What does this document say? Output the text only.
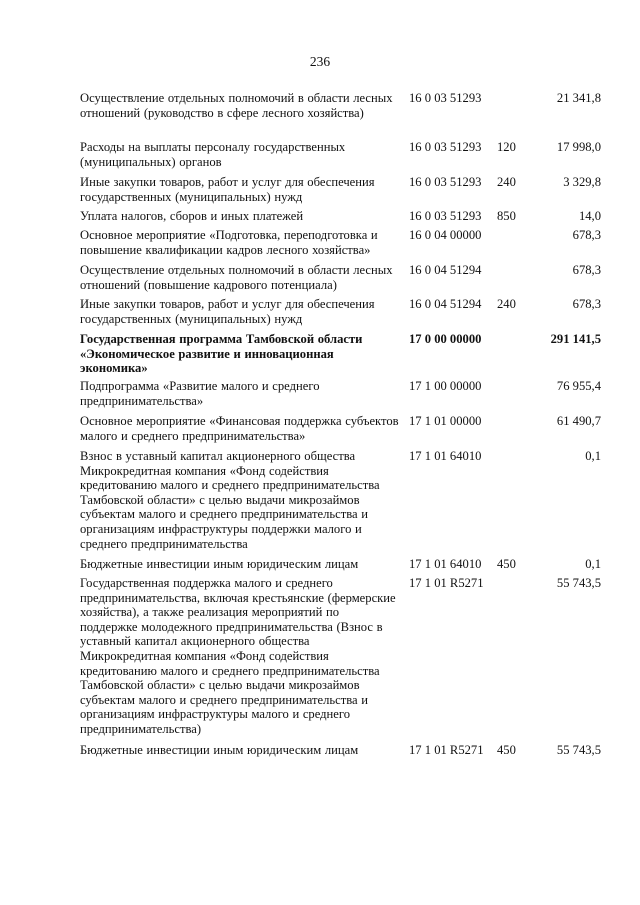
236
Осуществление отдельных полномочий в области лесных отношений (руководство в сфере лесного хозяйства)
16 0 03 51293	21 341,8
Расходы на выплаты персоналу государственных (муниципальных) органов
16 0 03 51293	120	17 998,0
Иные закупки товаров, работ и услуг для обеспечения государственных (муниципальных) нужд
16 0 03 51293	240	3 329,8
Уплата налогов, сборов и иных платежей	16 0 03 51293	850	14,0
Основное мероприятие «Подготовка, переподготовка и повышение квалификации кадров лесного хозяйства»
16 0 04 00000	678,3
Осуществление отдельных полномочий в области лесных отношений (повышение кадрового потенциала)
16 0 04 51294	678,3
Иные закупки товаров, работ и услуг для обеспечения государственных (муниципальных) нужд
16 0 04 51294	240	678,3
Государственная программа Тамбовской области «Экономическое развитие и инновационная экономика»
17 0 00 00000	291 141,5
Подпрограмма «Развитие малого и среднего предпринимательства»
17 1 00 00000	76 955,4
Основное мероприятие «Финансовая поддержка субъектов малого и среднего предпринимательства»
17 1 01 00000	61 490,7
Взнос в уставный капитал акционерного общества Микрокредитная компания «Фонд содействия кредитованию малого и среднего предпринимательства Тамбовской области» с целью выдачи микрозаймов субъектам малого и среднего предпринимательства и организациям инфраструктуры поддержки малого и среднего предпринимательства
17 1 01 64010	0,1
Бюджетные инвестиции иным юридическим лицам	17 1 01 64010	450	0,1
Государственная поддержка малого и среднего предпринимательства, включая крестьянские (фермерские хозяйства), а также реализация мероприятий по поддержке молодежного предпринимательства (Взнос в уставный капитал акционерного общества Микрокредитная компания «Фонд содействия кредитованию малого и среднего предпринимательства Тамбовской области» с целью выдачи микрозаймов субъектам малого и среднего предпринимательства и организациям инфраструктуры малого и среднего предпринимательства)
17 1 01 R5271	55 743,5
Бюджетные инвестиции иным юридическим лицам	17 1 01 R5271	450	55 743,5
